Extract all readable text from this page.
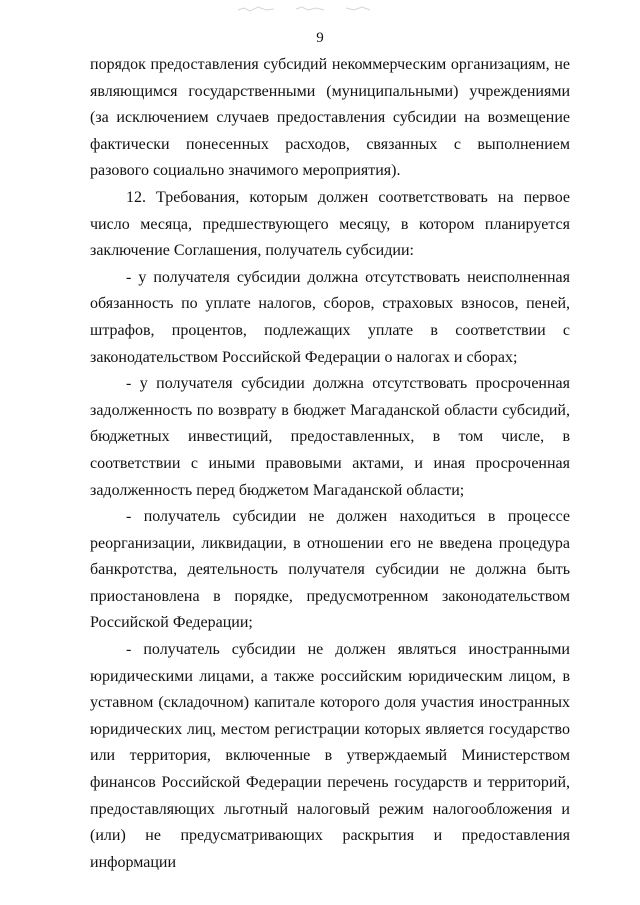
9

порядок предоставления субсидий некоммерческим организациям, не являющимся государственными (муниципальными) учреждениями (за исключением случаев предоставления субсидии на возмещение фактически понесенных расходов, связанных с выполнением разового социально значимого мероприятия).

12. Требования, которым должен соответствовать на первое число месяца, предшествующего месяцу, в котором планируется заключение Соглашения, получатель субсидии:

- у получателя субсидии должна отсутствовать неисполненная обязанность по уплате налогов, сборов, страховых взносов, пеней, штрафов, процентов, подлежащих уплате в соответствии с законодательством Российской Федерации о налогах и сборах;

- у получателя субсидии должна отсутствовать просроченная задолженность по возврату в бюджет Магаданской области субсидий, бюджетных инвестиций, предоставленных, в том числе, в соответствии с иными правовыми актами, и иная просроченная задолженность перед бюджетом Магаданской области;

- получатель субсидии не должен находиться в процессе реорганизации, ликвидации, в отношении его не введена процедура банкротства, деятельность получателя субсидии не должна быть приостановлена в порядке, предусмотренном законодательством Российской Федерации;

- получатель субсидии не должен являться иностранными юридическими лицами, а также российским юридическим лицом, в уставном (складочном) капитале которого доля участия иностранных юридических лиц, местом регистрации которых является государство или территория, включенные в утверждаемый Министерством финансов Российской Федерации перечень государств и территорий, предоставляющих льготный налоговый режим налогообложения и (или) не предусматривающих раскрытия и предоставления информации
